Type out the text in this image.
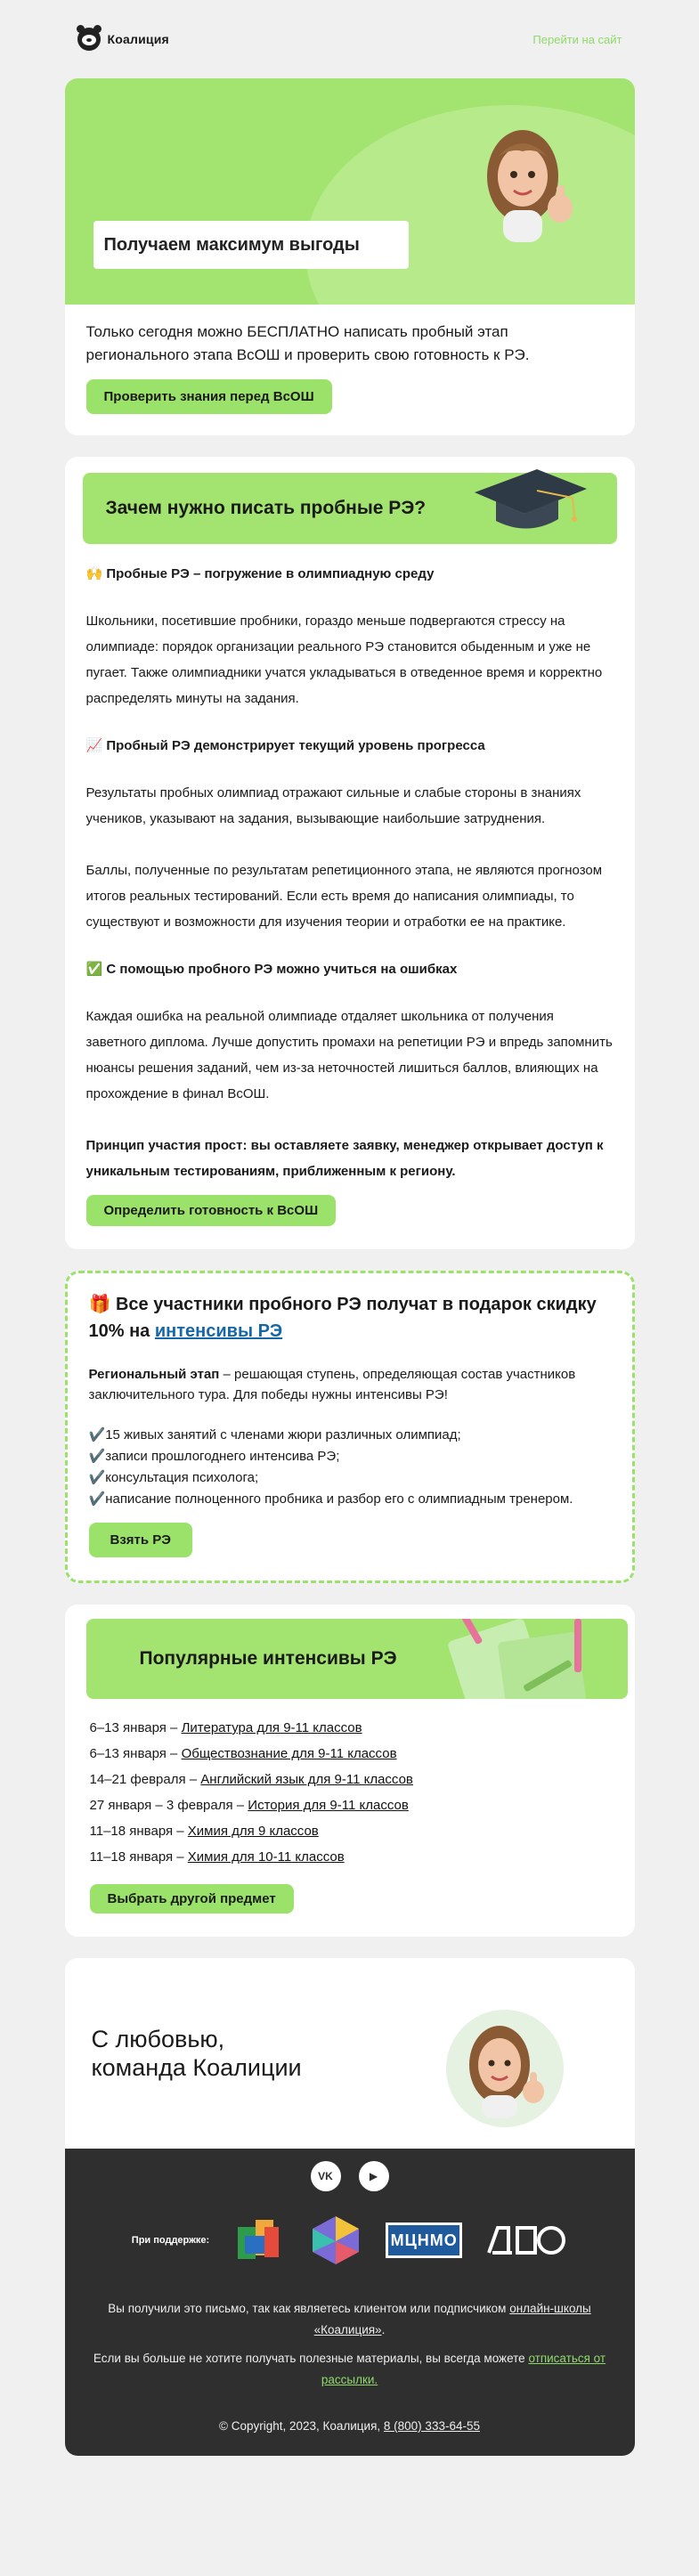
Коалиция	Перейти на сайт
Получаем максимум выгоды

Только сегодня можно БЕСПЛАТНО написать пробный этап регионального этапа ВсОШ и проверить свою готовность к РЭ.

Проверить знания перед ВсОШ
Зачем нужно писать пробные РЭ?

🙌 Пробные РЭ – погружение в олимпиадную среду

Школьники, посетившие пробники, гораздо меньше подвергаются стрессу на олимпиаде: порядок организации реального РЭ становится обыденным и уже не пугает. Также олимпиадники учатся укладываться в отведенное время и корректно распределять минуты на задания.

📈 Пробный РЭ демонстрирует текущий уровень прогресса

Результаты пробных олимпиад отражают сильные и слабые стороны в знаниях учеников, указывают на задания, вызывающие наибольшие затруднения.

Баллы, полученные по результатам репетиционного этапа, не являются прогнозом итогов реальных тестирований. Если есть время до написания олимпиады, то существуют и возможности для изучения теории и отработки ее на практике.

✅ С помощью пробного РЭ можно учиться на ошибках

Каждая ошибка на реальной олимпиаде отдаляет школьника от получения заветного диплома. Лучше допустить промахи на репетиции РЭ и впредь запомнить нюансы решения заданий, чем из-за неточностей лишиться баллов, влияющих на прохождение в финал ВсОШ.

Принцип участия прост: вы оставляете заявку, менеджер открывает доступ к уникальным тестированиям, приближенным к региону.

Определить готовность к ВсОШ

🎁 Все участники пробного РЭ получат в подарок скидку 10% на интенсивы РЭ

Региональный этап – решающая ступень, определяющая состав участников заключительного тура. Для победы нужны интенсивы РЭ!

✔️ 15 живых занятий с членами жюри различных олимпиад;
✔️ записи прошлогоднего интенсива РЭ;
✔️ консультация психолога;
✔️ написание полноценного пробника и разбор его с олимпиадным тренером.
Взять РЭ
Популярные интенсивы РЭ
6–13 января – Литература для 9-11 классов
6–13 января – Обществознание для 9-11 классов
14–21 февраля – Английский язык для 9-11 классов
27 января – 3 февраля – История для 9-11 классов
11–18 января – Химия для 9 классов
11–18 января – Химия для 10-11 классов
Выбрать другой предмет
С любовью,
команда Коалиции
VK	▶
При поддержке:	МЦНМО

Вы получили это письмо, так как являетесь клиентом или подписчиком онлайн-школы «Коалиция».

Если вы больше не хотите получать полезные материалы, вы всегда можете отписаться от рассылки.

© Copyright, 2023, Коалиция, 8 (800) 333-64-55
